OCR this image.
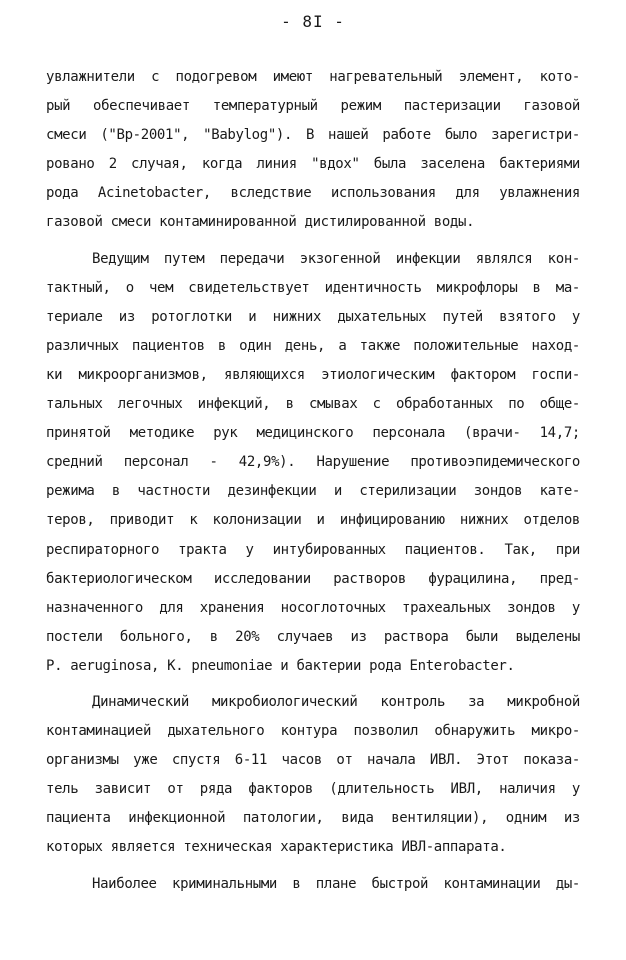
- 8I -
увлажнители с подогревом имеют нагревательный элемент, кото-
рый обеспечивает температурный режим пастеризации газовой
смеси ("Вр-2001", "Babylog"). В нашей работе было зарегистри-
ровано 2 случая, когда линия "вдох" была заселена бактериями
рода Acinetobacter, вследствие использования для увлажнения
газовой смеси контаминированной дистилированной воды.
Ведущим путем передачи экзогенной инфекции являлся кон-
тактный, о чем свидетельствует идентичность микрофлоры в ма-
териале из ротоглотки и нижних дыхательных путей взятого у
различных пациентов в один день, а также положительные наход-
ки микроорганизмов, являющихся этиологическим фактором госпи-
тальных легочных инфекций, в смывах с обработанных по обще-
принятой методике рук медицинского персонала (врачи- 14,7;
средний персонал - 42,9%). Нарушение противоэпидемического
режима в частности дезинфекции и стерилизации зондов кате-
теров, приводит к колонизации и инфицированию нижних отделов
респираторного тракта у интубированных пациентов. Так, при
бактериологическом исследовании растворов фурацилина, пред-
назначенного для хранения носоглоточных трахеальных зондов у
постели больного, в 20% случаев из раствора были выделены
P. aeruginosa, K. pneumoniae и бактерии рода Enterobacter.
Динамический микробиологический контроль за микробной
контаминацией дыхательного контура позволил обнаружить микро-
организмы уже спустя 6-11 часов от начала ИВЛ. Этот показа-
тель зависит от ряда факторов (длительность ИВЛ, наличия у
пациента инфекционной патологии, вида вентиляции), одним из
которых является техническая характеристика ИВЛ-аппарата.
Наиболее криминальными в плане быстрой контаминации ды-
